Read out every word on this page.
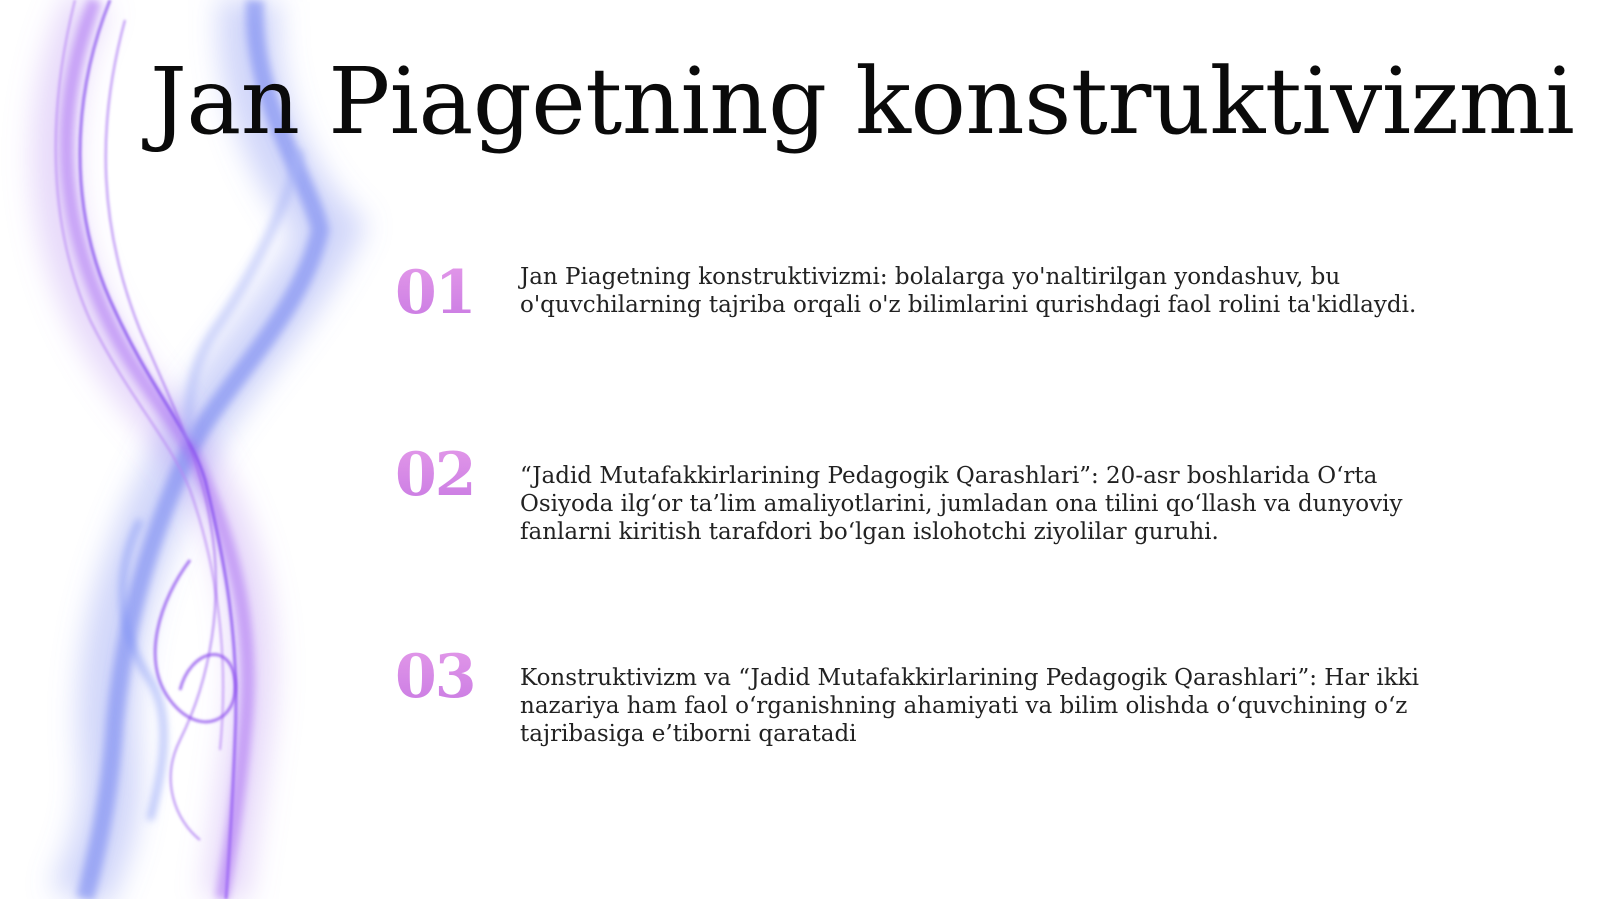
Jan Piagetning konstruktivizmi
01	Jan Piagetning konstruktivizmi: bolalarga yo'naltirilgan yondashuv, bu o'quvchilarning tajriba orqali o'z bilimlarini qurishdagi faol rolini ta'kidlaydi.

02	“Jadid Mutafakkirlarining Pedagogik Qarashlari”: 20-asr boshlarida O‘rta Osiyoda ilg‘or ta’lim amaliyotlarini, jumladan ona tilini qo‘llash va dunyoviy fanlarni kiritish tarafdori bo‘lgan islohotchi ziyolilar guruhi.

03	Konstruktivizm va “Jadid Mutafakkirlarining Pedagogik Qarashlari”: Har ikki nazariya ham faol o‘rganishning ahamiyati va bilim olishda o‘quvchining o‘z tajribasiga e’tiborni qaratadi
